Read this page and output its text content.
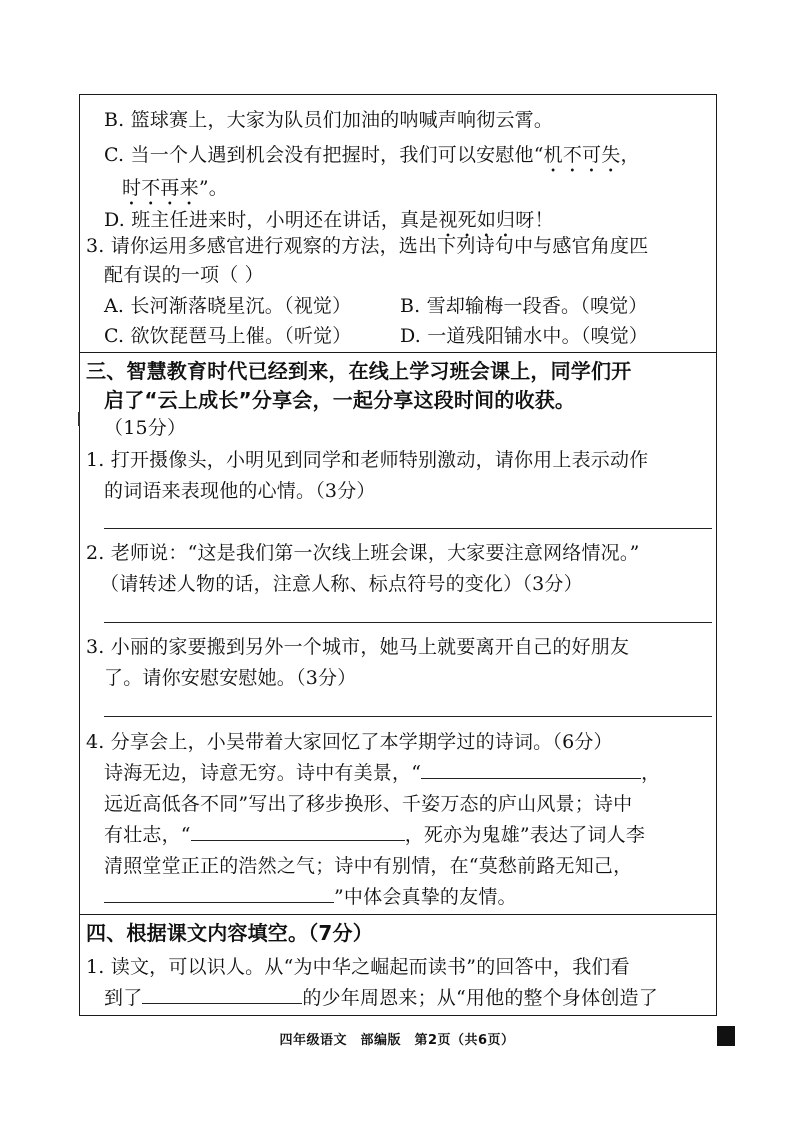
B. 篮球赛上，大家为队员们加油的呐喊声响彻云霄。
C. 当一个人遇到机会没有把握时，我们可以安慰他“机不可失，
时不再来”。
D. 班主任进来时，小明还在讲话，真是视死如归呀！
3. 请你运用多感官进行观察的方法，选出下列诗句中与感官角度匹
配有误的一项（ ）
A. 长河渐落晓星沉。（视觉）	B. 雪却输梅一段香。（嗅觉）
C. 欲饮琵琶马上催。（听觉）	D. 一道残阳铺水中。（嗅觉）
三、智慧教育时代已经到来，在线上学习班会课上，同学们开
启了“云上成长”分享会，一起分享这段时间的收获。
（15分）
1. 打开摄像头，小明见到同学和老师特别激动，请你用上表示动作
的词语来表现他的心情。（3分）
2. 老师说：“这是我们第一次线上班会课，大家要注意网络情况。”
（请转述人物的话，注意人称、标点符号的变化）（3分）
3. 小丽的家要搬到另外一个城市，她马上就要离开自己的好朋友
了。请你安慰安慰她。（3分）
4. 分享会上，小吴带着大家回忆了本学期学过的诗词。（6分）
诗海无边，诗意无穷。诗中有美景，“	，
远近高低各不同”写出了移步换形、千姿万态的庐山风景；诗中
有壮志，“	，死亦为鬼雄”表达了词人李
清照堂堂正正的浩然之气；诗中有别情，在“莫愁前路无知己，
”中体会真挚的友情。
四、根据课文内容填空。（7分）
1. 读文，可以识人。从“为中华之崛起而读书”的回答中，我们看
到了	的少年周恩来；从“用他的整个身体创造了
四年级语文　部编版　第2页（共6页）
